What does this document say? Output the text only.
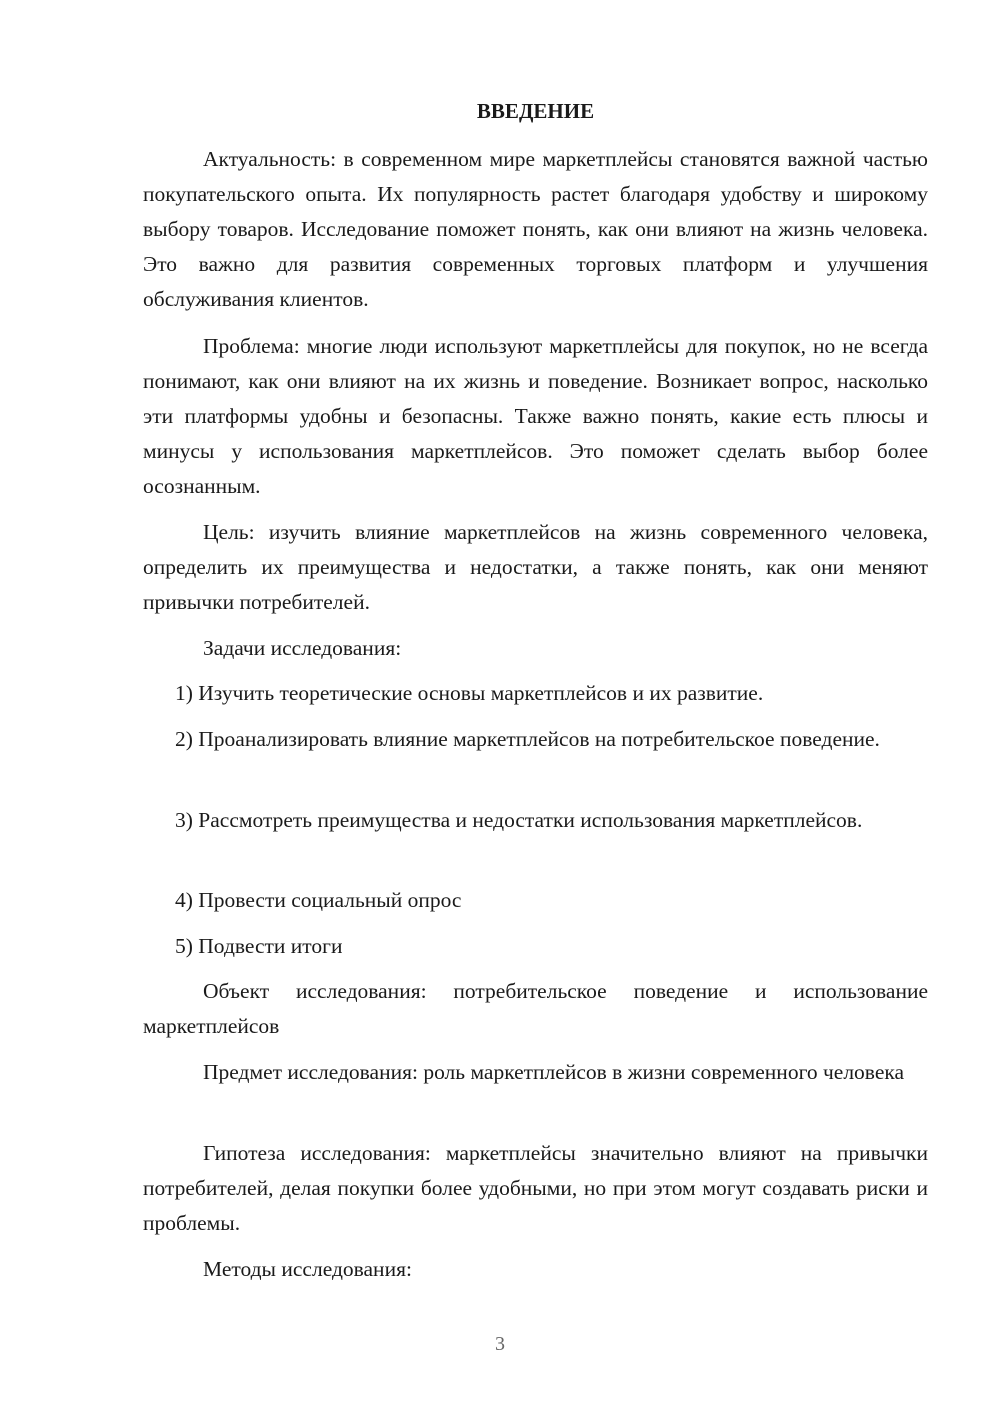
ВВЕДЕНИЕ

Актуальность: в современном мире маркетплейсы становятся важной частью покупательского опыта. Их популярность растет благодаря удобству и широкому выбору товаров. Исследование поможет понять, как они влияют на жизнь человека. Это важно для развития современных торговых платформ и улучшения обслуживания клиентов.

Проблема: многие люди используют маркетплейсы для покупок, но не всегда понимают, как они влияют на их жизнь и поведение. Возникает вопрос, насколько эти платформы удобны и безопасны. Также важно понять, какие есть плюсы и минусы у использования маркетплейсов. Это поможет сделать выбор более осознанным.

Цель: изучить влияние маркетплейсов на жизнь современного человека, определить их преимущества и недостатки, а также понять, как они меняют привычки потребителей.

Задачи исследования:

1) Изучить теоретические основы маркетплейсов и их развитие.

2) Проанализировать влияние маркетплейсов на потребительское поведение.

3) Рассмотреть преимущества и недостатки использования маркетплейсов.

4) Провести социальный опрос

5) Подвести итоги

Объект исследования: потребительское поведение и использование маркетплейсов

Предмет исследования: роль маркетплейсов в жизни современного человека

Гипотеза исследования: маркетплейсы значительно влияют на привычки потребителей, делая покупки более удобными, но при этом могут создавать риски и проблемы.

Методы исследования:

3
